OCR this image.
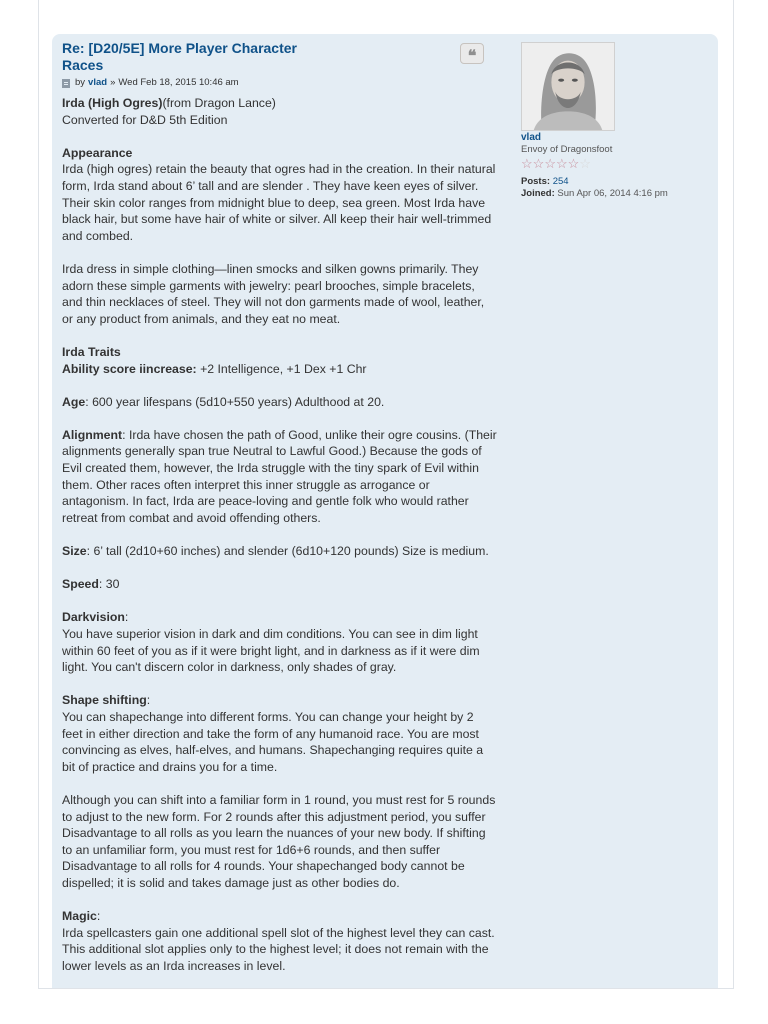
Re: [D20/5E] More Player Character Races
by vlad » Wed Feb 18, 2015 10:46 am

Irda (High Ogres)(from Dragon Lance)
Converted for D&D 5th Edition

Appearance
Irda (high ogres) retain the beauty that ogres had in the creation. In their natural form, Irda stand about 6’ tall and are slender . They have keen eyes of silver. Their skin color ranges from midnight blue to deep, sea green. Most Irda have black hair, but some have hair of white or silver. All keep their hair well-trimmed and combed.

Irda dress in simple clothing—linen smocks and silken gowns primarily. They adorn these simple garments with jewelry: pearl brooches, simple bracelets, and thin necklaces of steel. They will not don garments made of wool, leather, or any product from animals, and they eat no meat.

Irda Traits
Ability score iincrease: +2 Intelligence, +1 Dex +1 Chr

Age: 600 year lifespans (5d10+550 years) Adulthood at 20.

Alignment: Irda have chosen the path of Good, unlike their ogre cousins. (Their alignments generally span true Neutral to Lawful Good.) Because the gods of Evil created them, however, the Irda struggle with the tiny spark of Evil within them. Other races often interpret this inner struggle as arrogance or antagonism. In fact, Irda are peace-loving and gentle folk who would rather retreat from combat and avoid offending others.

Size: 6’ tall (2d10+60 inches) and slender (6d10+120 pounds) Size is medium.

Speed: 30

Darkvision:
You have superior vision in dark and dim conditions. You can see in dim light within 60 feet of you as if it were bright light, and in darkness as if it were dim light. You can't discern color in darkness, only shades of gray.

Shape shifting:
You can shapechange into different forms. You can change your height by 2 feet in either direction and take the form of any humanoid race. You are most convincing as elves, half-elves, and humans. Shapechanging requires quite a bit of practice and drains you for a time.

Although you can shift into a familiar form in 1 round, you must rest for 5 rounds to adjust to the new form. For 2 rounds after this adjustment period, you suffer Disadvantage to all rolls as you learn the nuances of your new body. If shifting to an unfamiliar form, you must rest for 1d6+6 rounds, and then suffer Disadvantage to all rolls for 4 rounds. Your shapechanged body cannot be dispelled; it is solid and takes damage just as other bodies do.

Magic:
Irda spellcasters gain one additional spell slot of the highest level they can cast. This additional slot applies only to the highest level; it does not remain with the lower levels as an Irda increases in level.

❝
vlad
Envoy of Dragonsfoot
☆ ☆ ☆ ☆ ☆ ☆
Posts: 254
Joined: Sun Apr 06, 2014 4:16 pm
